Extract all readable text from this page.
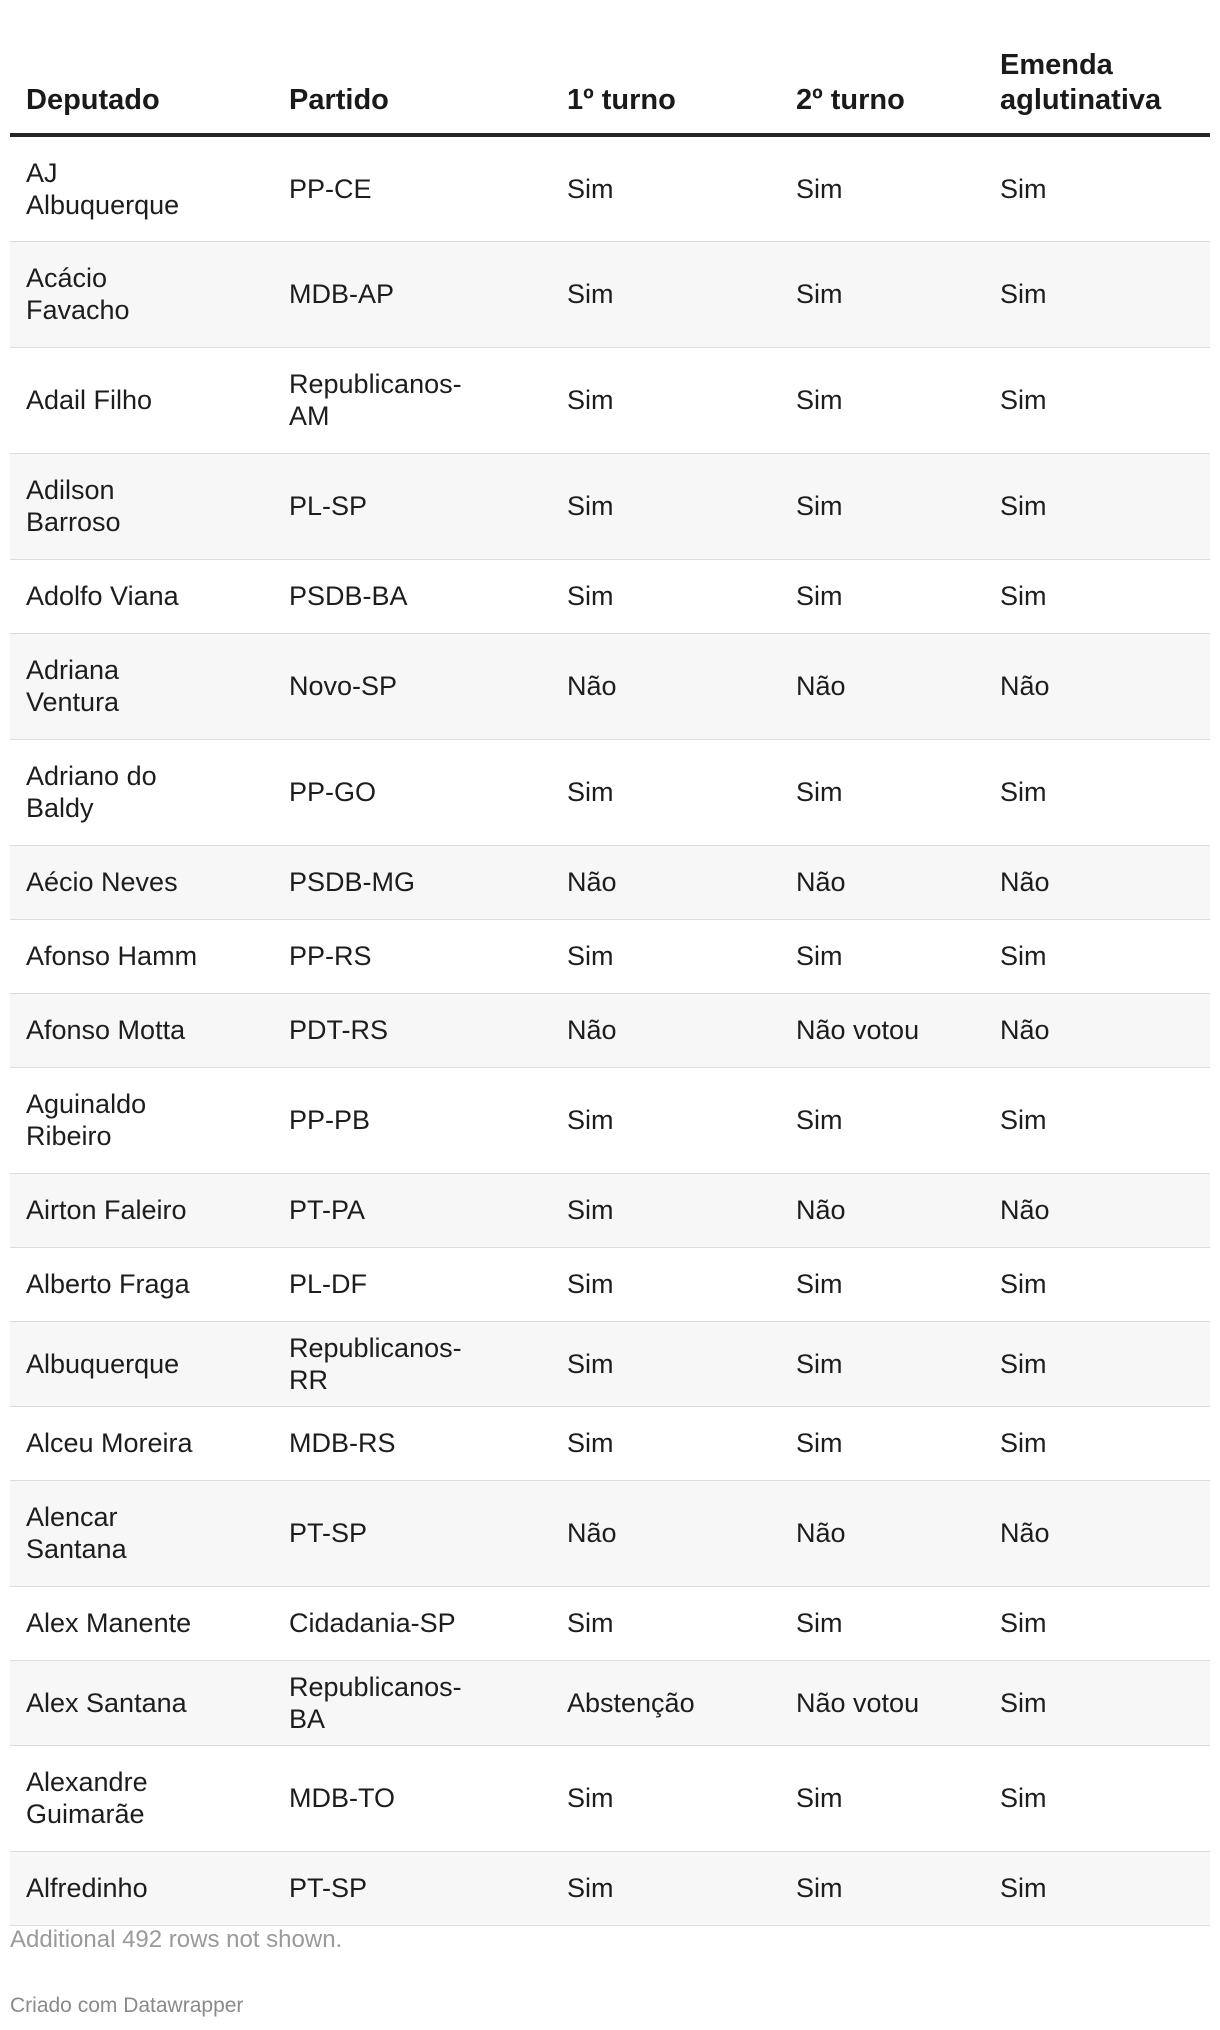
Deputado	Partido	1º turno	2º turno	Emenda aglutinativa
AJ Albuquerque	PP-CE	Sim	Sim	Sim
Acácio Favacho	MDB-AP	Sim	Sim	Sim
Adail Filho	Republicanos-AM	Sim	Sim	Sim
Adilson Barroso	PL-SP	Sim	Sim	Sim
Adolfo Viana	PSDB-BA	Sim	Sim	Sim
Adriana Ventura	Novo-SP	Não	Não	Não
Adriano do Baldy	PP-GO	Sim	Sim	Sim
Aécio Neves	PSDB-MG	Não	Não	Não
Afonso Hamm	PP-RS	Sim	Sim	Sim
Afonso Motta	PDT-RS	Não	Não votou	Não
Aguinaldo Ribeiro	PP-PB	Sim	Sim	Sim
Airton Faleiro	PT-PA	Sim	Não	Não
Alberto Fraga	PL-DF	Sim	Sim	Sim
Albuquerque	Republicanos-RR	Sim	Sim	Sim
Alceu Moreira	MDB-RS	Sim	Sim	Sim
Alencar Santana	PT-SP	Não	Não	Não
Alex Manente	Cidadania-SP	Sim	Sim	Sim
Alex Santana	Republicanos-BA	Abstenção	Não votou	Sim
Alexandre Guimarãe	MDB-TO	Sim	Sim	Sim
Alfredinho	PT-SP	Sim	Sim	Sim
Additional 492 rows not shown.
Criado com Datawrapper
